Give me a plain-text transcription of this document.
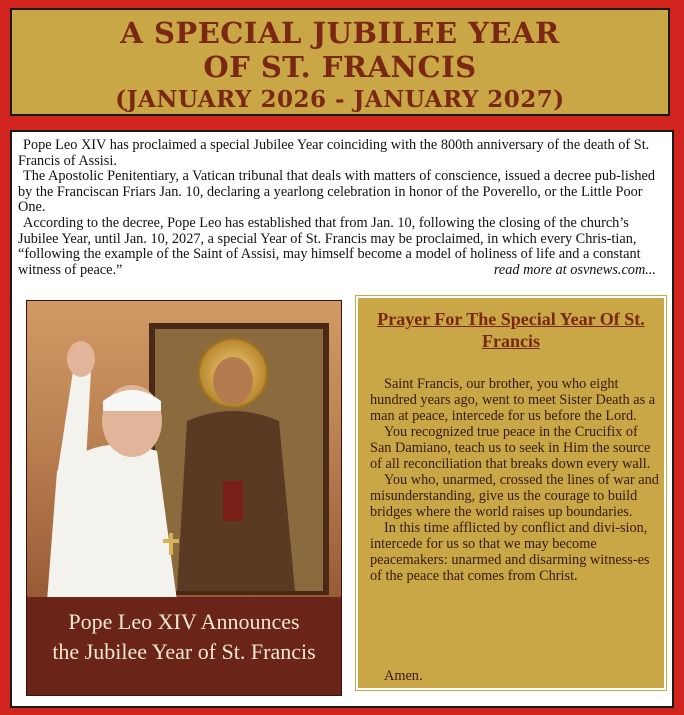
A SPECIAL JUBILEE YEAR
OF ST. FRANCIS
(JANUARY 2026 - JANUARY 2027)

Pope Leo XIV has proclaimed a special Jubilee Year coinciding with the 800th anniversary of the death of St. Francis of Assisi.

The Apostolic Penitentiary, a Vatican tribunal that deals with matters of conscience, issued a decree pub-lished by the Franciscan Friars Jan. 10, declaring a yearlong celebration in honor of the Poverello, or the Little Poor One.

According to the decree, Pope Leo has established that from Jan. 10, following the closing of the church’s Jubilee Year, until Jan. 10, 2027, a special Year of St. Francis may be proclaimed, in which every Chris-tian, “following the example of the Saint of Assisi, may himself become a model of holiness of life and a constant witness of peace.”	read more at osvnews.com...

Pope Leo XIV Announces
the Jubilee Year of St. Francis
Prayer For The Special Year Of St. Francis

Saint Francis, our brother, you who eight hundred years ago, went to meet Sister Death as a man at peace, intercede for us before the Lord.

You recognized true peace in the Crucifix of San Damiano, teach us to seek in Him the source of all reconciliation that breaks down every wall.

You who, unarmed, crossed the lines of war and misunderstanding, give us the courage to build bridges where the world raises up boundaries.

In this time afflicted by conflict and divi-sion, intercede for us so that we may become peacemakers: unarmed and disarming witness-es of the peace that comes from Christ.

Amen.
